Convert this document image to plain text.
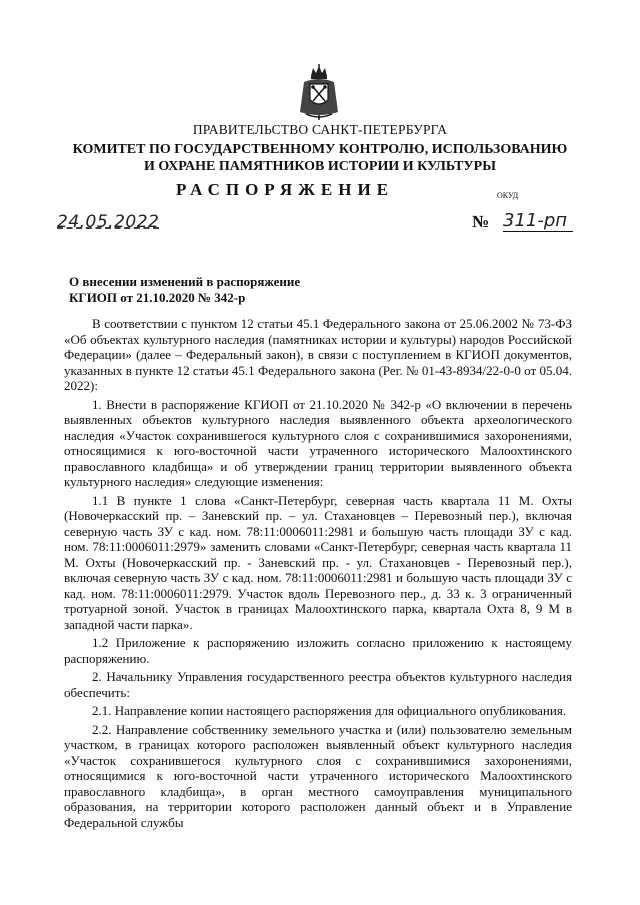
ПРАВИТЕЛЬСТВО САНКТ-ПЕТЕРБУРГА
КОМИТЕТ ПО ГОСУДАРСТВЕННОМУ КОНТРОЛЮ, ИСПОЛЬЗОВАНИЮ
И ОХРАНЕ ПАМЯТНИКОВ ИСТОРИИ И КУЛЬТУРЫ
РАСПОРЯЖЕНИЕ	ОКУД
24.05.2022	№ 311-рп
О внесении изменений в распоряжение
КГИОП от 21.10.2020 № 342-р

В соответствии с пунктом 12 статьи 45.1 Федерального закона от 25.06.2002 № 73-ФЗ «Об объектах культурного наследия (памятниках истории и культуры) народов Российской Федерации» (далее – Федеральный закон), в связи с поступлением в КГИОП документов, указанных в пункте 12 статьи 45.1 Федерального закона (Рег. № 01-43-8934/22-0-0 от 05.04. 2022):

1. Внести в распоряжение КГИОП от 21.10.2020 № 342-р «О включении в перечень выявленных объектов культурного наследия выявленного объекта археологического наследия «Участок сохранившегося культурного слоя с сохранившимися захоронениями, относящимися к юго-восточной части утраченного исторического Малоохтинского православного кладбища» и об утверждении границ территории выявленного объекта культурного наследия» следующие изменения:

1.1 В пункте 1 слова «Санкт-Петербург, северная часть квартала 11 М. Охты (Новочеркасский пр. – Заневский пр. – ул. Стахановцев – Перевозный пер.), включая северную часть ЗУ с кад. ном. 78:11:0006011:2981 и большую часть площади ЗУ с кад. ном. 78:11:0006011:2979» заменить словами «Санкт-Петербург, северная часть квартала 11 М. Охты (Новочеркасский пр. - Заневский пр. - ул. Стахановцев - Перевозный пер.), включая северную часть ЗУ с кад. ном. 78:11:0006011:2981 и большую часть площади ЗУ с кад. ном. 78:11:0006011:2979. Участок вдоль Перевозного пер., д. 33 к. 3 ограниченный тротуарной зоной. Участок в границах Малоохтинского парка, квартала Охта 8, 9 М в западной части парка».

1.2 Приложение к распоряжению изложить согласно приложению к настоящему распоряжению.

2. Начальнику Управления государственного реестра объектов культурного наследия обеспечить:

2.1. Направление копии настоящего распоряжения для официального опубликования.

2.2. Направление собственнику земельного участка и (или) пользователю земельным участком, в границах которого расположен выявленный объект культурного наследия «Участок сохранившегося культурного слоя с сохранившимися захоронениями, относящимися к юго-восточной части утраченного исторического Малоохтинского православного кладбища», в орган местного самоуправления муниципального образования, на территории которого расположен данный объект и в Управление Федеральной службы
